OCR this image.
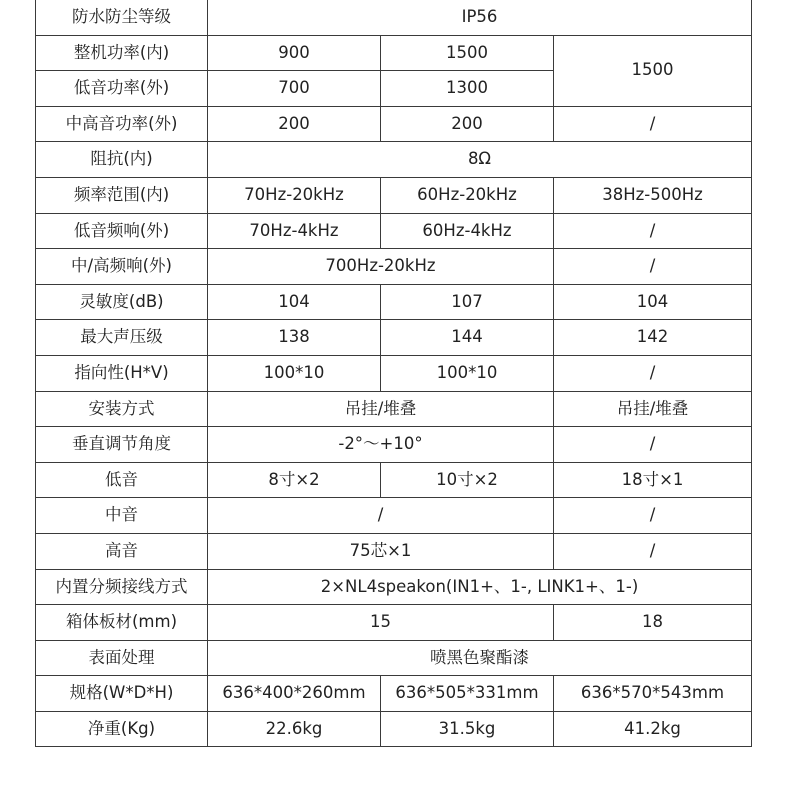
防水防尘等级	IP56		
整机功率(内)	900	1500	1500
低音功率(外)	700	1300	
中高音功率(外)	200	200	/
阻抗(内)	8Ω		
频率范围(内)	70Hz-20kHz	60Hz-20kHz	38Hz-500Hz
低音频响(外)	70Hz-4kHz	60Hz-4kHz	/
中/高频响(外)	700Hz-20kHz		/
灵敏度(dB)	104	107	104
最大声压级	138	144	142
指向性(H*V)	100*10	100*10	/
安装方式	吊挂/堆叠		吊挂/堆叠
垂直调节角度	-2°～+10°		/
低音	8寸×2	10寸×2	18寸×1
中音	/		/
高音	75芯×1		/
内置分频接线方式	2×NL4speakon(IN1+、1-, LINK1+、1-)		
箱体板材(mm)	15		18
表面处理	喷黑色聚酯漆		
规格(W*D*H)	636*400*260mm	636*505*331mm	636*570*543mm
净重(Kg)	22.6kg	31.5kg	41.2kg
